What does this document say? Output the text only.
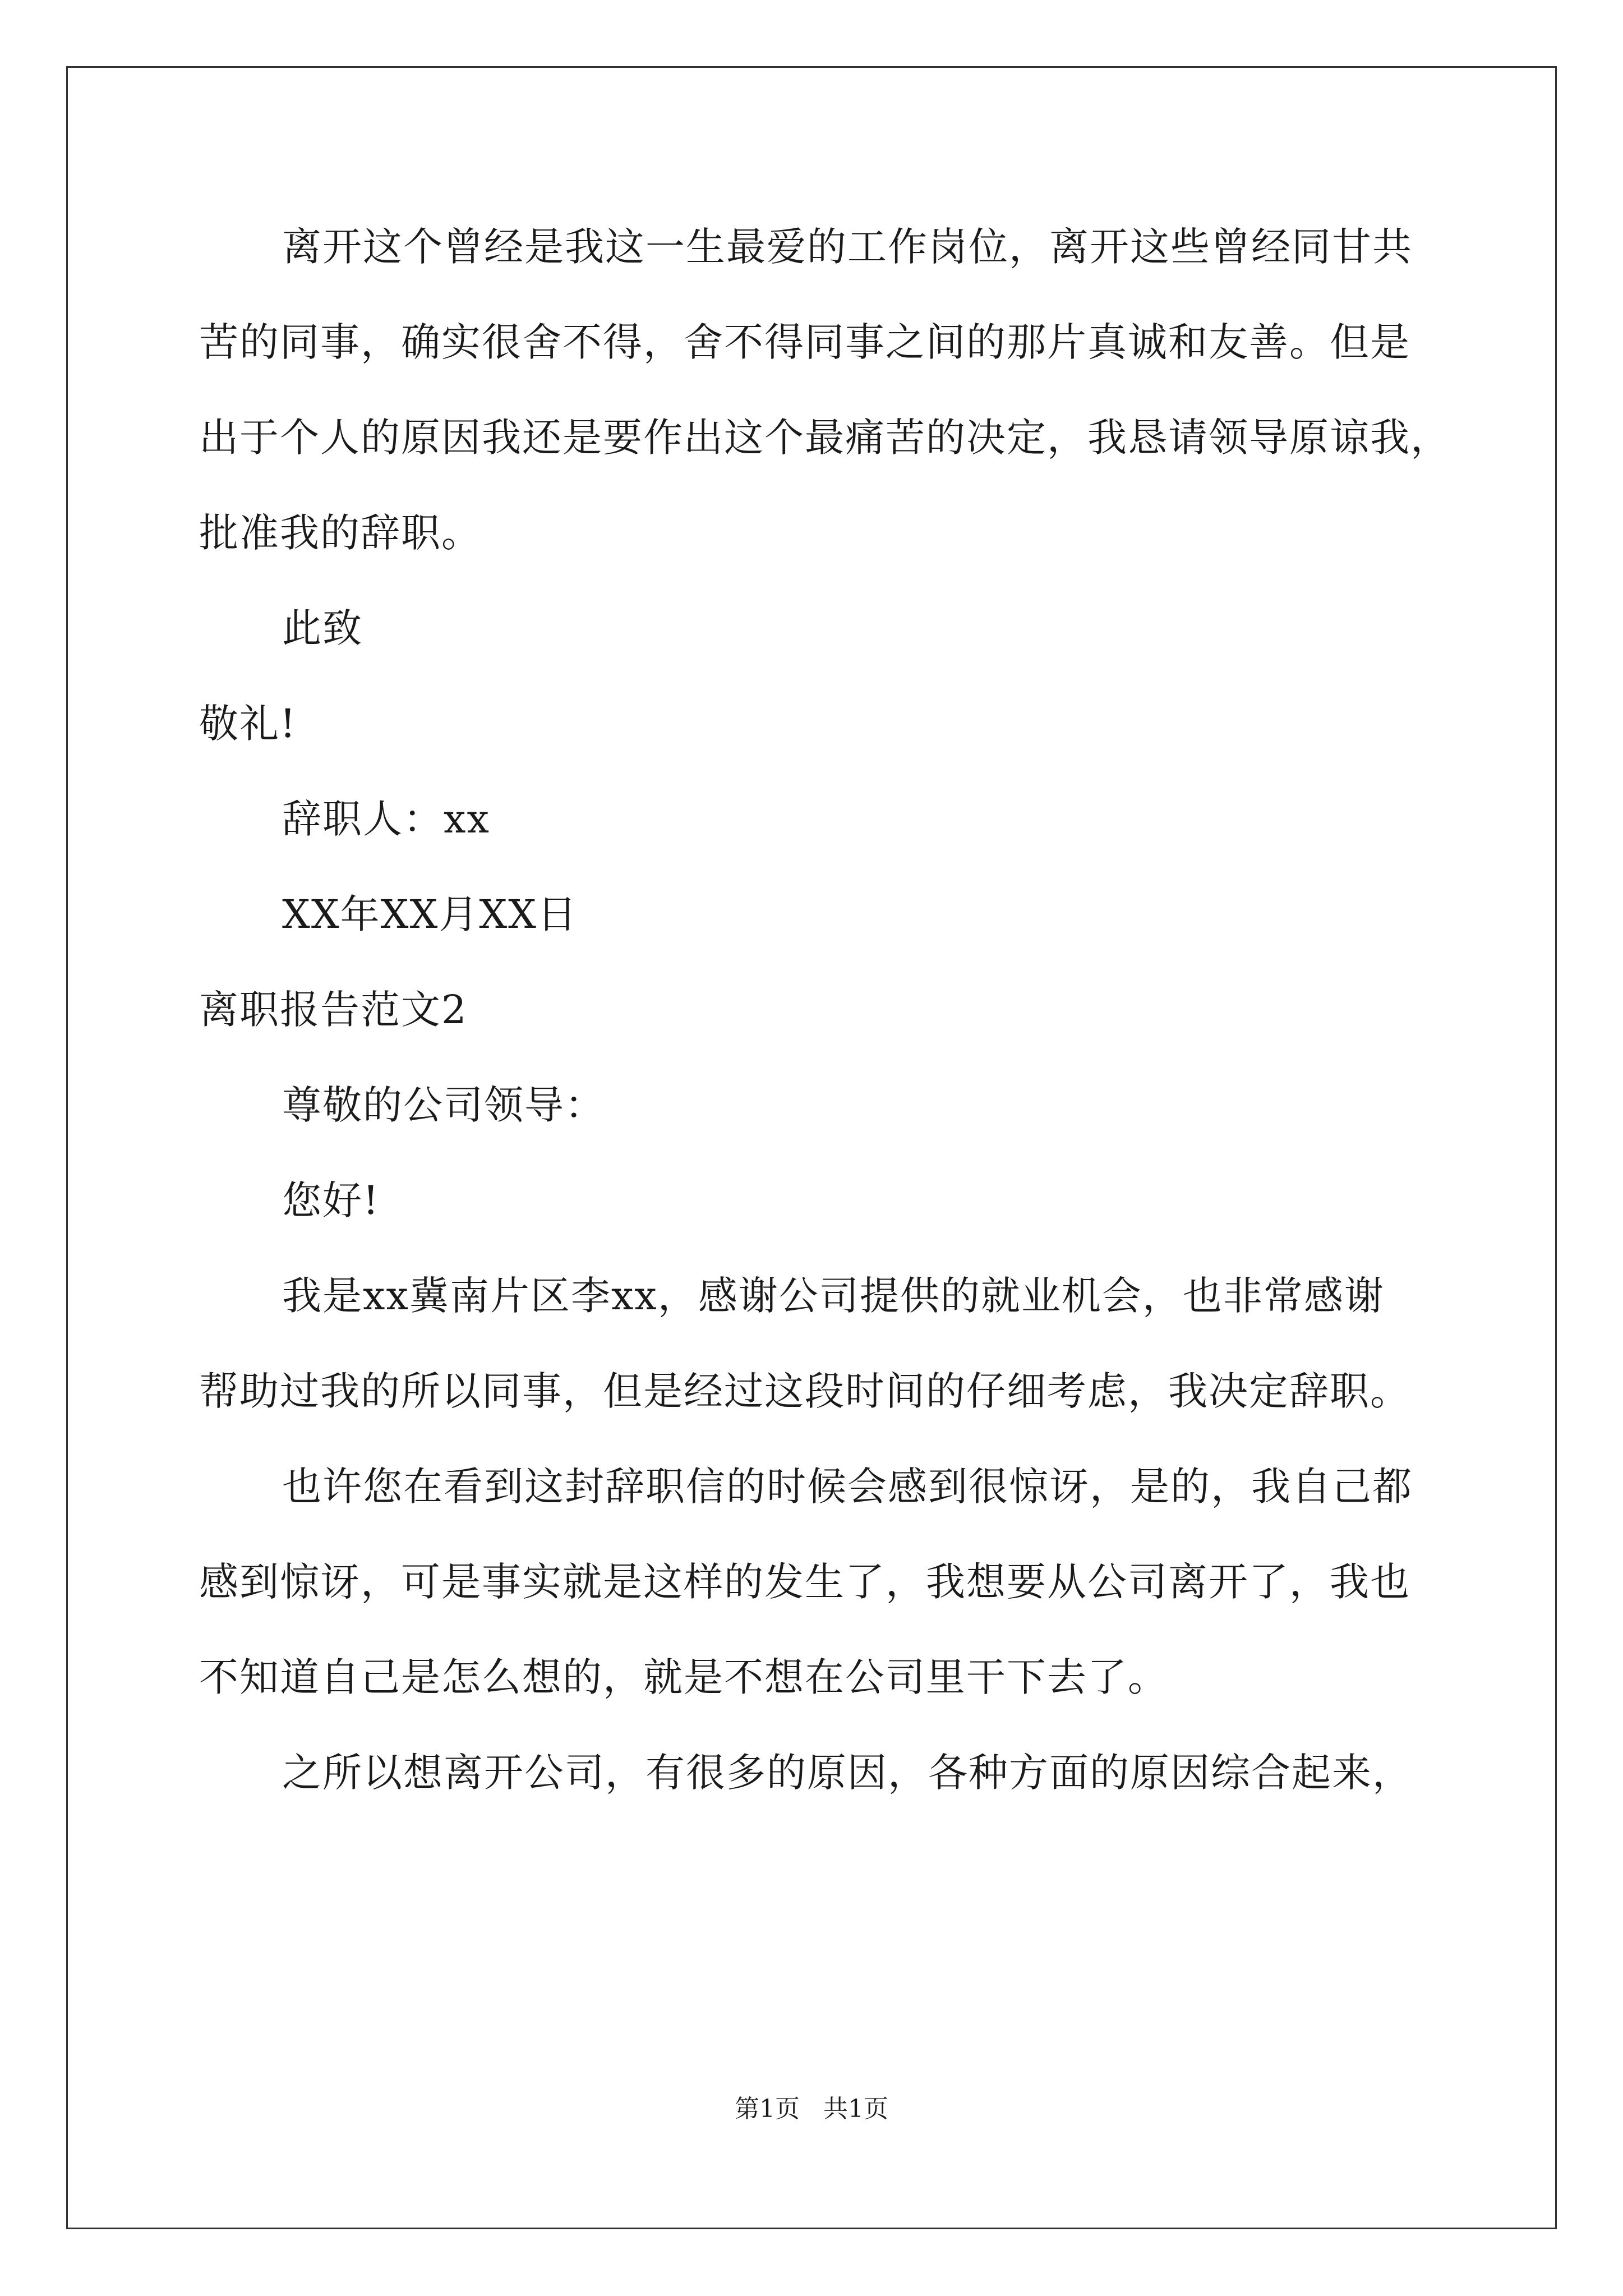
离开这个曾经是我这一生最爱的工作岗位，离开这些曾经同甘共
苦的同事，确实很舍不得，舍不得同事之间的那片真诚和友善。但是
出于个人的原因我还是要作出这个最痛苦的决定，我恳请领导原谅我，
批准我的辞职。
此致
敬礼!
辞职人：xx
XX年XX月XX日
离职报告范文2
尊敬的公司领导：
您好!
我是xx冀南片区李xx，感谢公司提供的就业机会，也非常感谢
帮助过我的所以同事，但是经过这段时间的仔细考虑，我决定辞职。
也许您在看到这封辞职信的时候会感到很惊讶，是的，我自己都
感到惊讶，可是事实就是这样的发生了，我想要从公司离开了，我也
不知道自己是怎么想的，就是不想在公司里干下去了。
之所以想离开公司，有很多的原因，各种方面的原因综合起来，
第1页   共1页
